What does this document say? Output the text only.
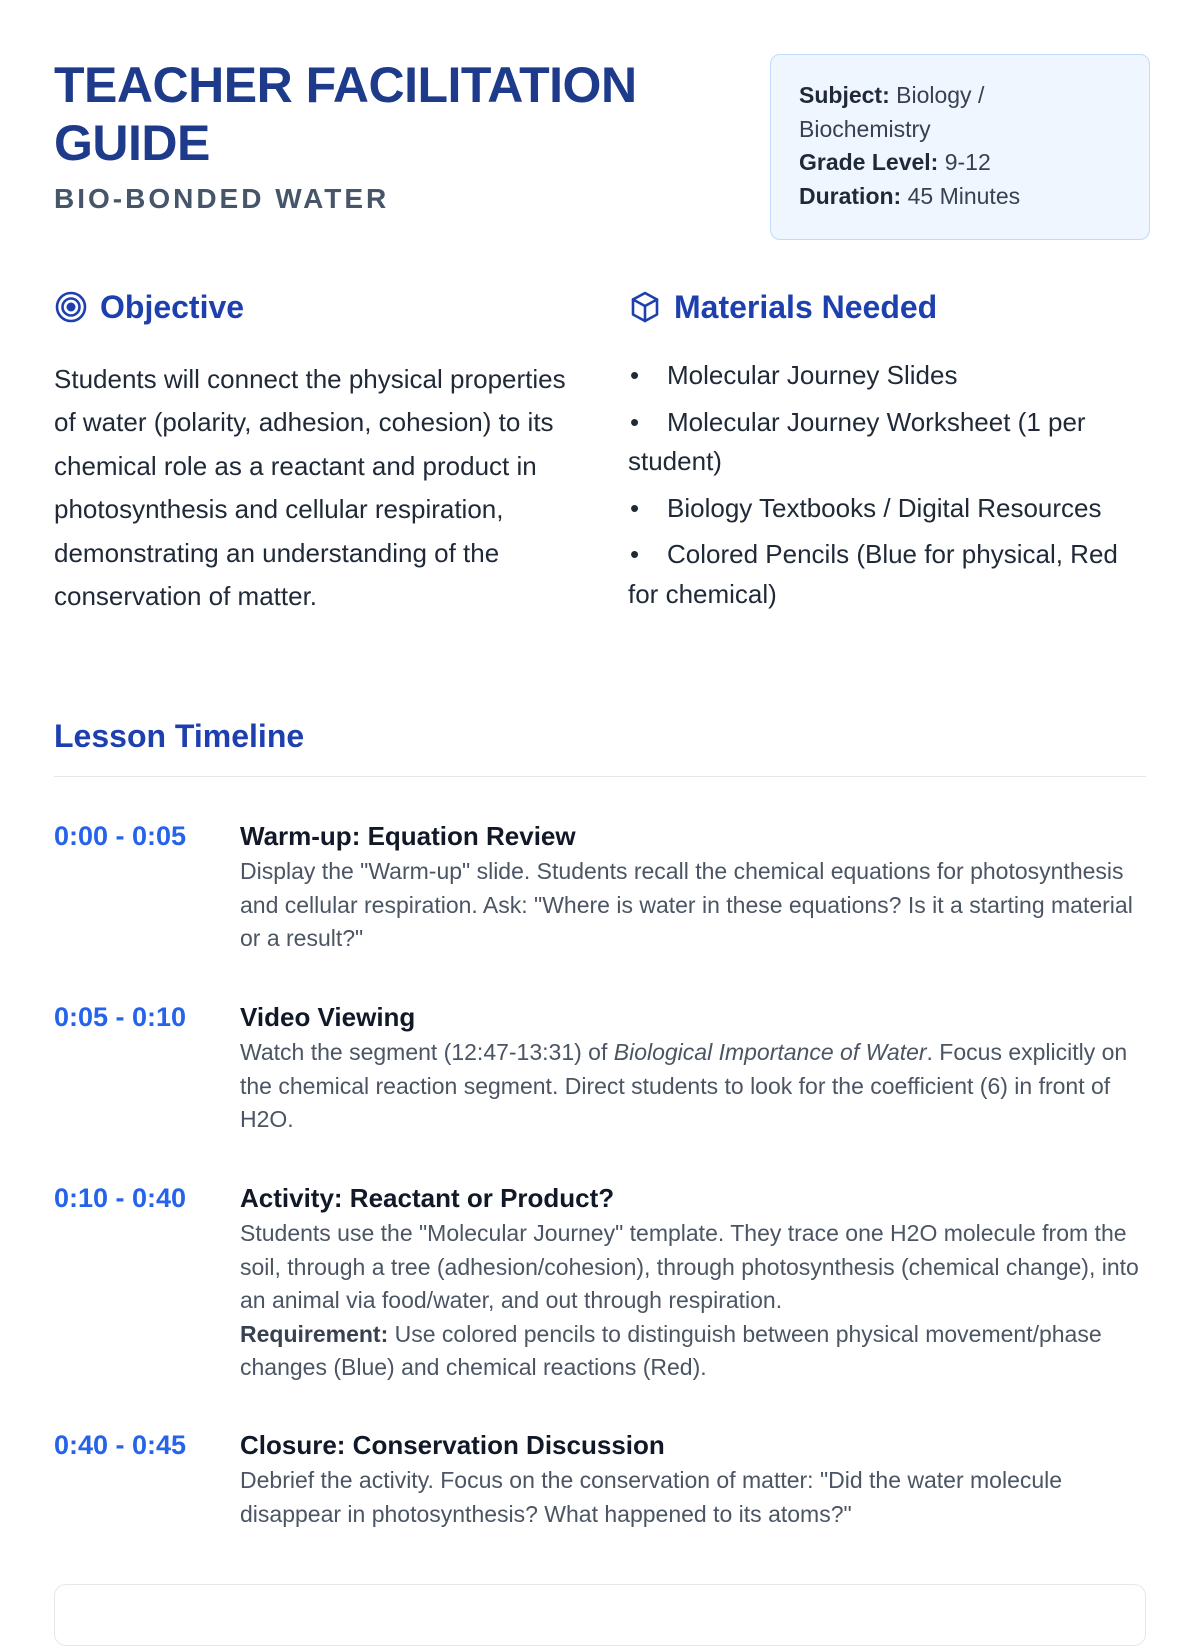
TEACHER FACILITATION GUIDE

BIO-BONDED WATER

Subject: Biology / Biochemistry

Grade Level: 9-12

Duration: 45 Minutes

Objective

Students will connect the physical properties of water (polarity, adhesion, cohesion) to its chemical role as a reactant and product in photosynthesis and cellular respiration, demonstrating an understanding of the conservation of matter.

Materials Needed
• Molecular Journey Slides
• Molecular Journey Worksheet (1 per student)
• Biology Textbooks / Digital Resources
• Colored Pencils (Blue for physical, Red for chemical)
Lesson Timeline
0:00 - 0:05 Warm-up: Equation Review

Display the "Warm-up" slide. Students recall the chemical equations for photosynthesis and cellular respiration. Ask: "Where is water in these equations? Is it a starting material or a result?"

0:05 - 0:10 Video Viewing

Watch the segment (12:47-13:31) of Biological Importance of Water. Focus explicitly on the chemical reaction segment. Direct students to look for the coefficient (6) in front of H2O.

0:10 - 0:40 Activity: Reactant or Product?

Students use the "Molecular Journey" template. They trace one H2O molecule from the soil, through a tree (adhesion/cohesion), through photosynthesis (chemical change), into an animal via food/water, and out through respiration.
Requirement: Use colored pencils to distinguish between physical movement/phase changes (Blue) and chemical reactions (Red).

0:40 - 0:45 Closure: Conservation Discussion

Debrief the activity. Focus on the conservation of matter: "Did the water molecule disappear in photosynthesis? What happened to its atoms?"
